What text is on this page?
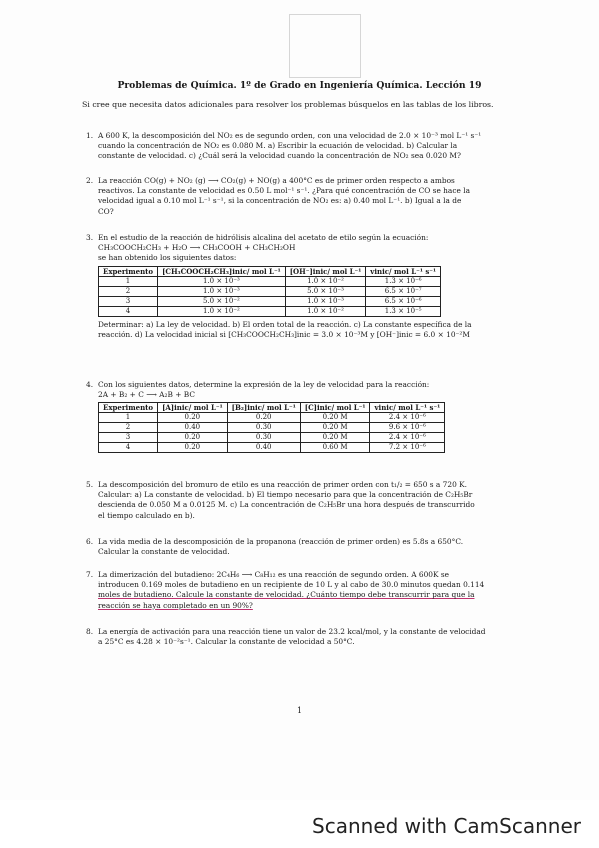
Problemas de Química. 1º de Grado en Ingeniería Química. Lección 19
Si cree que necesita datos adicionales para resolver los problemas búsquelos en las tablas de los libros.
1. A 600 K, la descomposición del NO₂ es de segundo orden, con una velocidad de 2.0 × 10⁻³ mol L⁻¹ s⁻¹
cuando la concentración de NO₂ es 0.080 M. a) Escribir la ecuación de velocidad. b) Calcular la
constante de velocidad. c) ¿Cuál será la velocidad cuando la concentración de NO₂ sea 0.020 M?
2. La reacción CO(g) + NO₂ (g) ⟶ CO₂(g) + NO(g) a 400°C es de primer orden respecto a ambos
reactivos. La constante de velocidad es 0.50 L mol⁻¹ s⁻¹. ¿Para qué concentración de CO se hace la
velocidad igual a 0.10 mol L⁻¹ s⁻¹, si la concentración de NO₂ es: a) 0.40 mol L⁻¹. b) Igual a la de
CO?
3. En el estudio de la reacción de hidrólisis alcalina del acetato de etilo según la ecuación:
CH₃COOCH₂CH₃ + H₂O ⟶ CH₃COOH + CH₃CH₂OH
se han obtenido los siguientes datos:
Experimento	[CH₃COOCH₂CH₃]inic/ mol L⁻¹	[OH⁻]inic/ mol L⁻¹	vinic/ mol L⁻¹ s⁻¹
1	1.0 × 10⁻³	1.0 × 10⁻²	1.3 × 10⁻⁶
2	1.0 × 10⁻³	5.0 × 10⁻³	6.5 × 10⁻⁷
3	5.0 × 10⁻²	1.0 × 10⁻³	6.5 × 10⁻⁶
4	1.0 × 10⁻²	1.0 × 10⁻²	1.3 × 10⁻⁵
Determinar: a) La ley de velocidad. b) El orden total de la reacción. c) La constante específica de la
reacción. d) La velocidad inicial si [CH₃COOCH₂CH₃]inic = 3.0 × 10⁻³M y [OH⁻]inic = 6.0 × 10⁻²M
4. Con los siguientes datos, determine la expresión de la ley de velocidad para la reacción:
2A + B₂ + C ⟶ A₂B + BC
Experimento	[A]inic/ mol L⁻¹	[B₂]inic/ mol L⁻¹	[C]inic/ mol L⁻¹	vinic/ mol L⁻¹ s⁻¹
1	0.20	0.20	0.20 M	2.4 × 10⁻⁶
2	0.40	0.30	0.20 M	9.6 × 10⁻⁶
3	0.20	0.30	0.20 M	2.4 × 10⁻⁶
4	0.20	0.40	0.60 M	7.2 × 10⁻⁶
5. La descomposición del bromuro de etilo es una reacción de primer orden con t₁/₂ = 650 s a 720 K.
Calcular: a) La constante de velocidad. b) El tiempo necesario para que la concentración de C₂H₅Br
descienda de 0.050 M a 0.0125 M. c) La concentración de C₂H₅Br una hora después de transcurrido
el tiempo calculado en b).
6. La vida media de la descomposición de la propanona (reacción de primer orden) es 5.8s a 650°C.
Calcular la constante de velocidad.
7. La dimerización del butadieno: 2C₄H₆ ⟶ C₈H₁₂ es una reacción de segundo orden. A 600K se
introducen 0.169 moles de butadieno en un recipiente de 10 L y al cabo de 30.0 minutos quedan 0.114
moles de butadieno. Calcule la constante de velocidad. ¿Cuánto tiempo debe transcurrir para que la
reacción se haya completado en un 90%?
8. La energía de activación para una reacción tiene un valor de 23.2 kcal/mol, y la constante de velocidad
a 25°C es 4.28 × 10⁻²s⁻¹. Calcular la constante de velocidad a 50°C.
1
Scanned with CamScanner
